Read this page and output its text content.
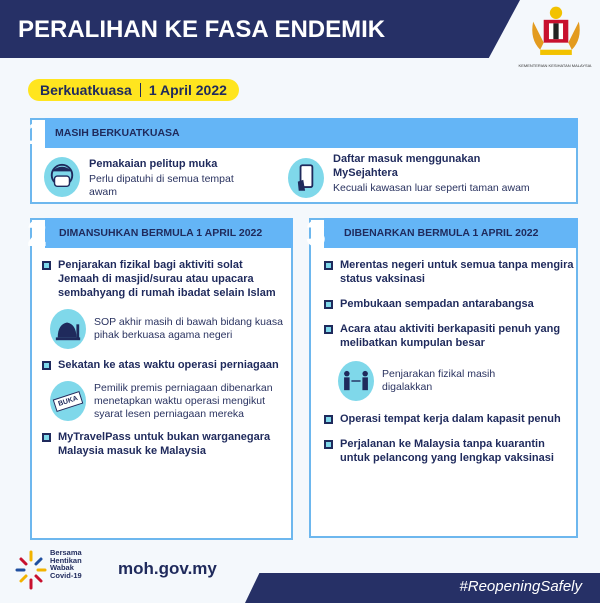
PERALIHAN KE FASA ENDEMIK
KEMENTERIAN KESIHATAN MALAYSIA
Berkuatkuasa 1 April 2022
MASIH BERKUATKUASA
1
Pemakaian pelitup muka
Perlu dipatuhi di semua tempat awam
Daftar masuk menggunakan MySejahtera
Kecuali kawasan luar seperti taman awam
DIMANSUHKAN BERMULA 1 APRIL 2022
2
Penjarakan fizikal bagi aktiviti solat Jemaah di masjid/surau atau upacara sembahyang di rumah ibadat selain Islam
SOP akhir masih di bawah bidang kuasa pihak berkuasa agama negeri
Sekatan ke atas waktu operasi perniagaan
BUKA
Pemilik premis perniagaan dibenarkan menetapkan waktu operasi mengikut syarat lesen perniagaan mereka
MyTravelPass untuk bukan warganegara Malaysia masuk ke Malaysia
DIBENARKAN BERMULA 1 APRIL 2022
3
Merentas negeri untuk semua tanpa mengira status vaksinasi
Pembukaan sempadan antarabangsa
Acara atau aktiviti berkapasiti penuh yang melibatkan kumpulan besar
Penjarakan fizikal masih digalakkan
Operasi tempat kerja dalam kapasit penuh
Perjalanan ke Malaysia tanpa kuarantin untuk pelancong yang lengkap vaksinasi
Bersama
Hentikan
Wabak
Covid-19 moh.gov.my
#ReopeningSafely
